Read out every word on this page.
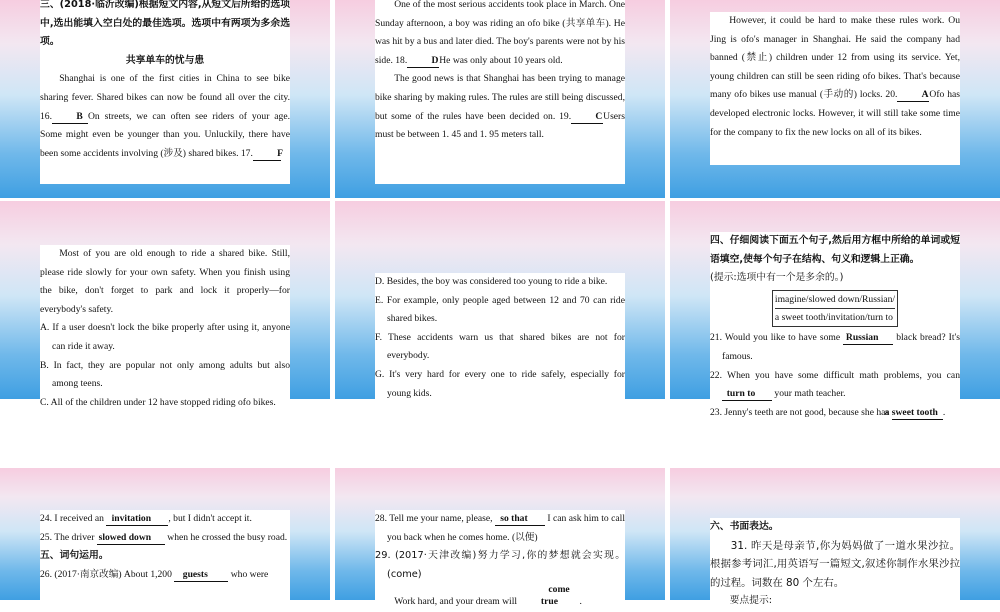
三、(2018·临沂改编)根据短文内容,从短文后所给的选项中,选出能填入空白处的最佳选项。选项中有两项为多余选项。

共享单车的忧与患

Shanghai is one of the first cities in China to see bike sharing fever. Shared bikes can now be found all over the city. 16.	B On streets, we can often see riders of your age. Some might even be younger than you. Unluckily, there have been some accidents involving (涉及) shared bikes. 17.	F

One of the most serious accidents took place in March. One Sunday afternoon, a boy was riding an ofo bike (共享单车). He was hit by a bus and later died. The boy's parents were not by his side. 18.	DHe was only about 10 years old.

The good news is that Shanghai has been trying to manage bike sharing by making rules. The rules are still being discussed, but some of the rules have been decided on. 19.	CUsers must be between 1. 45 and 1. 95 meters tall.

However, it could be hard to make these rules work. Ou Jing is ofo's manager in Shanghai. He said the company had banned (禁止) children under 12 from using its service. Yet, young children can still be seen riding ofo bikes. That's because many ofo bikes use manual (手动的) locks. 20.	AOfo has developed electronic locks. However, it will still take some time for the company to fix the new locks on all of its bikes.

Most of you are old enough to ride a shared bike. Still, please ride slowly for your own safety. When you finish using the bike, don't forget to park and lock it properly—for everybody's safety.

A. If a user doesn't lock the bike properly after using it, anyone can ride it away.

B. In fact, they are popular not only among adults but also among teens.

C. All of the children under 12 have stopped riding ofo bikes.

D. Besides, the boy was considered too young to ride a bike.

E. For example, only people aged between 12 and 70 can ride shared bikes.

F. These accidents warn us that shared bikes are not for everybody.

G. It's very hard for every one to ride safely, especially for young kids.

四、仔细阅读下面五个句子,然后用方框中所给的单词或短语填空,使每个句子在结构、句义和逻辑上正确。

(提示:选项中有一个是多余的。)

imagine/slowed down/Russian/
a sweet tooth/invitation/turn to

21. Would you like to have some Russian black bread? It's famous.

22. When you have some difficult math problems, you can turn to your math teacher.

23. Jenny's teeth are not good, because she has a sweet tooth .

24. I received an invitation , but I didn't accept it.

25. The driver slowed down when he crossed the busy road.

五、词句运用。

26. (2017·南京改编) About 1,200 guests who were

28. Tell me your name, please, so that I can ask him to call you back when he comes home. (以便)

29. (2017·天津改编)努力学习,你的梦想就会实现。(come)

Work hard, and your dream will come true .

六、书面表达。

31. 昨天是母亲节,你为妈妈做了一道水果沙拉。根据参考词汇,用英语写一篇短文,叙述你制作水果沙拉的过程。词数在 80 个左右。

要点提示:
